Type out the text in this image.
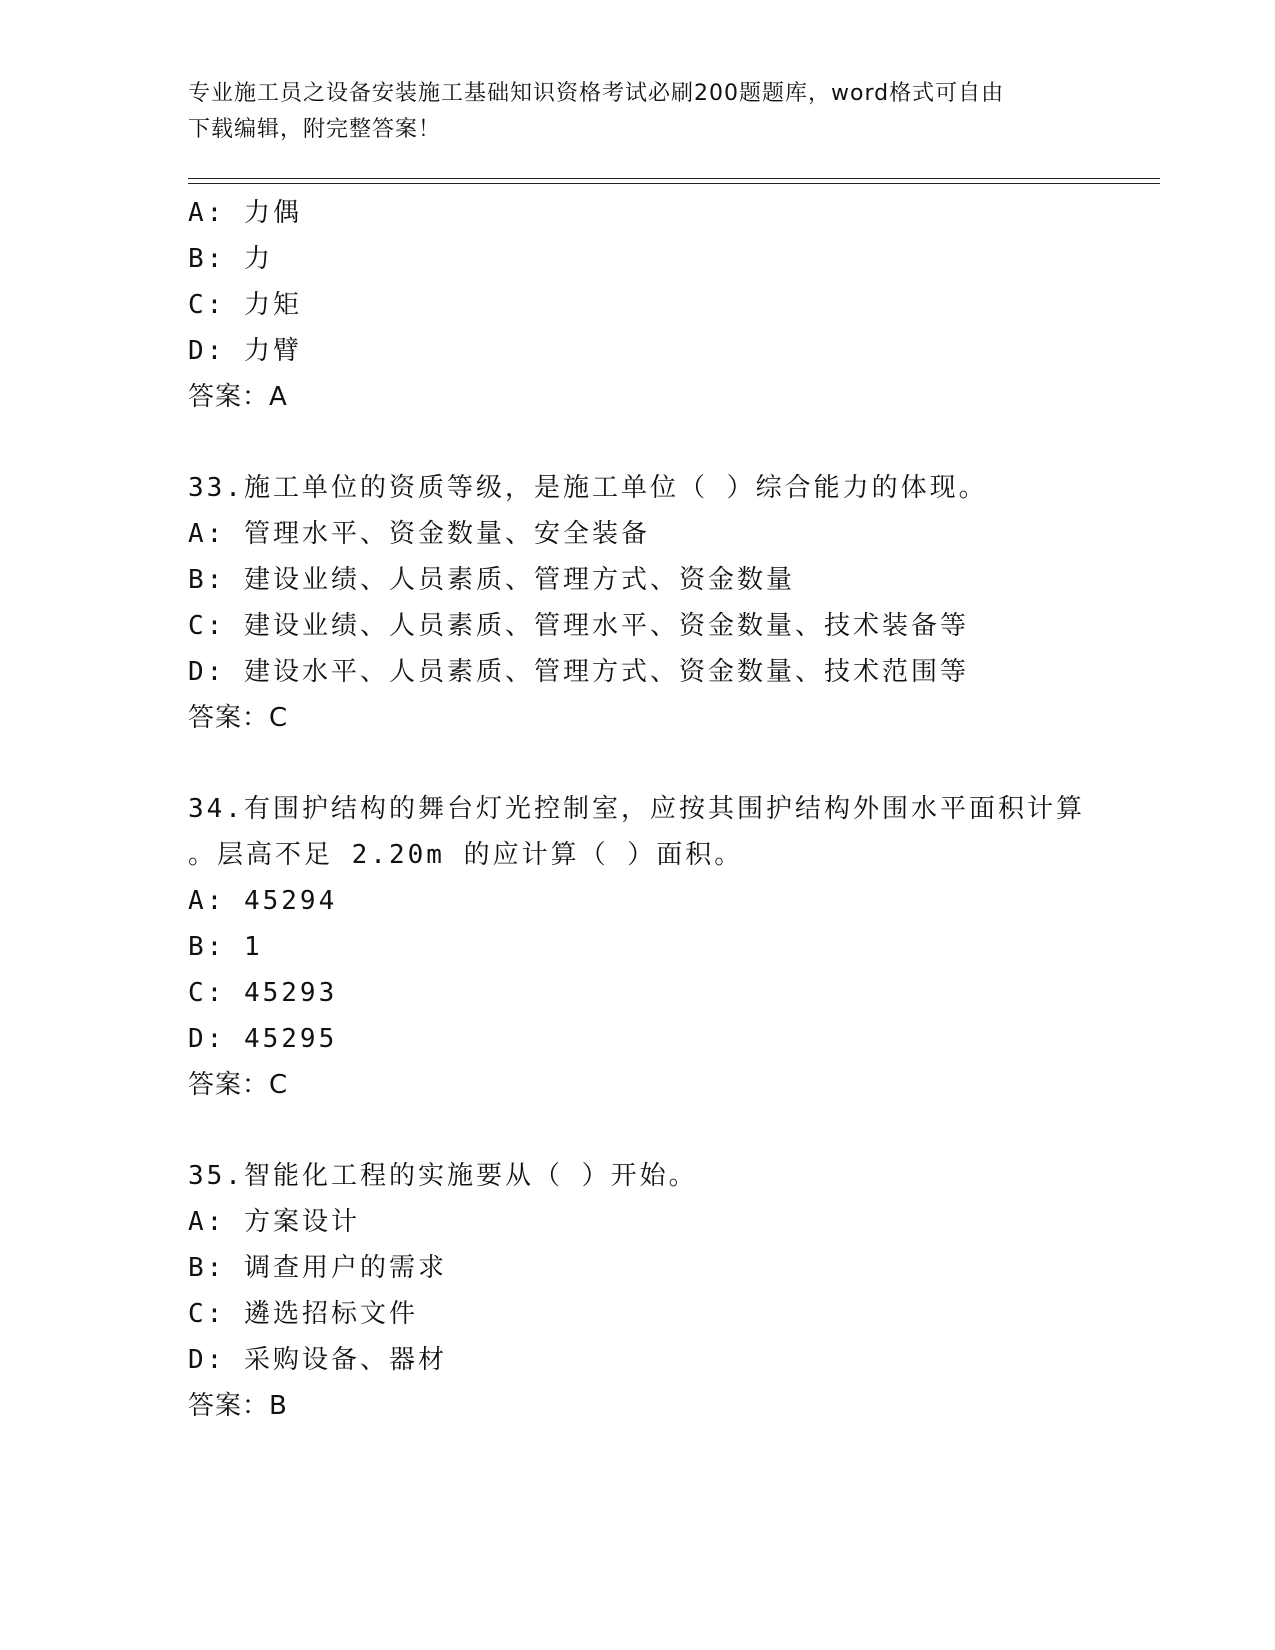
专业施工员之设备安装施工基础知识资格考试必刷200题题库，word格式可自由
下载编辑，附完整答案！
A: 力偶
B: 力
C: 力矩
D: 力臂
答案：A
33.施工单位的资质等级，是施工单位（ ）综合能力的体现。
A: 管理水平、资金数量、安全装备
B: 建设业绩、人员素质、管理方式、资金数量
C: 建设业绩、人员素质、管理水平、资金数量、技术装备等
D: 建设水平、人员素质、管理方式、资金数量、技术范围等
答案：C
34.有围护结构的舞台灯光控制室，应按其围护结构外围水平面积计算
。层高不足 2.20m 的应计算（ ）面积。
A: 45294
B: 1
C: 45293
D: 45295
答案：C
35.智能化工程的实施要从（ ）开始。
A: 方案设计
B: 调查用户的需求
C: 遴选招标文件
D: 采购设备、器材
答案：B
